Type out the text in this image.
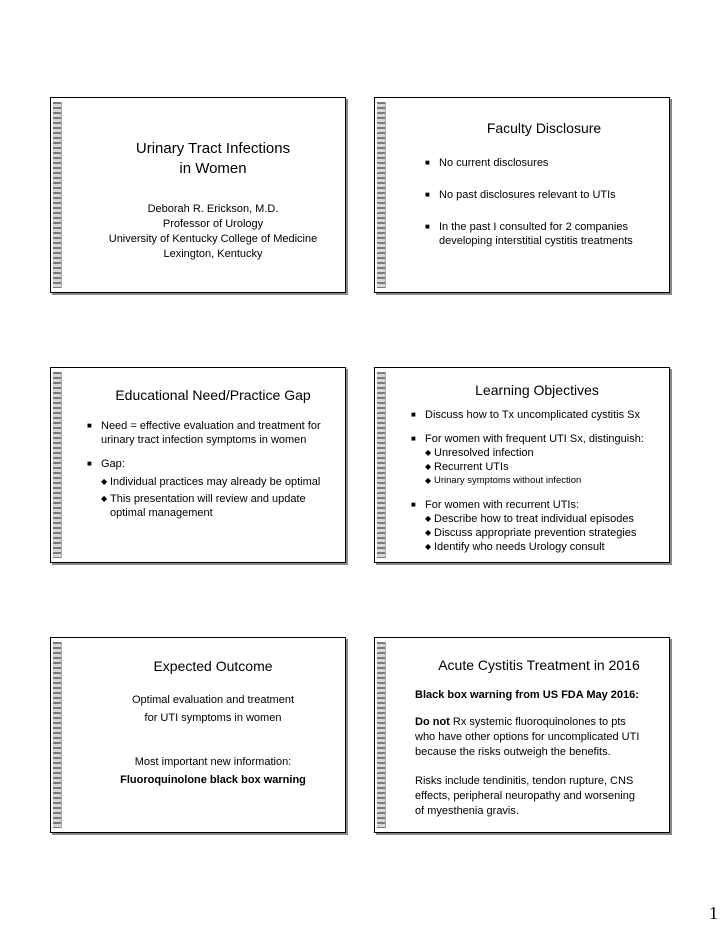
Urinary Tract Infections
in Women
Deborah R. Erickson, M.D.
Professor of Urology
University of Kentucky College of Medicine
Lexington, Kentucky
Faculty Disclosure
■ No current disclosures
■ No past disclosures relevant to UTIs
■ In the past I consulted for 2 companies
developing interstitial cystitis treatments
Educational Need/Practice Gap
■ Need = effective evaluation and treatment for
urinary tract infection symptoms in women
■ Gap:
◆ Individual practices may already be optimal
◆ This presentation will review and update
optimal management
Learning Objectives
■ Discuss how to Tx uncomplicated cystitis Sx
■ For women with frequent UTI Sx, distinguish:
◆ Unresolved infection
◆ Recurrent UTIs
◆ Urinary symptoms without infection
■ For women with recurrent UTIs:
◆ Describe how to treat individual episodes
◆ Discuss appropriate prevention strategies
◆ Identify who needs Urology consult
Expected Outcome
Optimal evaluation and treatment
for UTI symptoms in women
Most important new information:
Fluoroquinolone black box warning
Acute Cystitis Treatment in 2016
Black box warning from US FDA May 2016:
Do not Rx systemic fluoroquinolones to pts
who have other options for uncomplicated UTI
because the risks outweigh the benefits.
Risks include tendinitis, tendon rupture, CNS
effects, peripheral neuropathy and worsening
of myesthenia gravis.
1
